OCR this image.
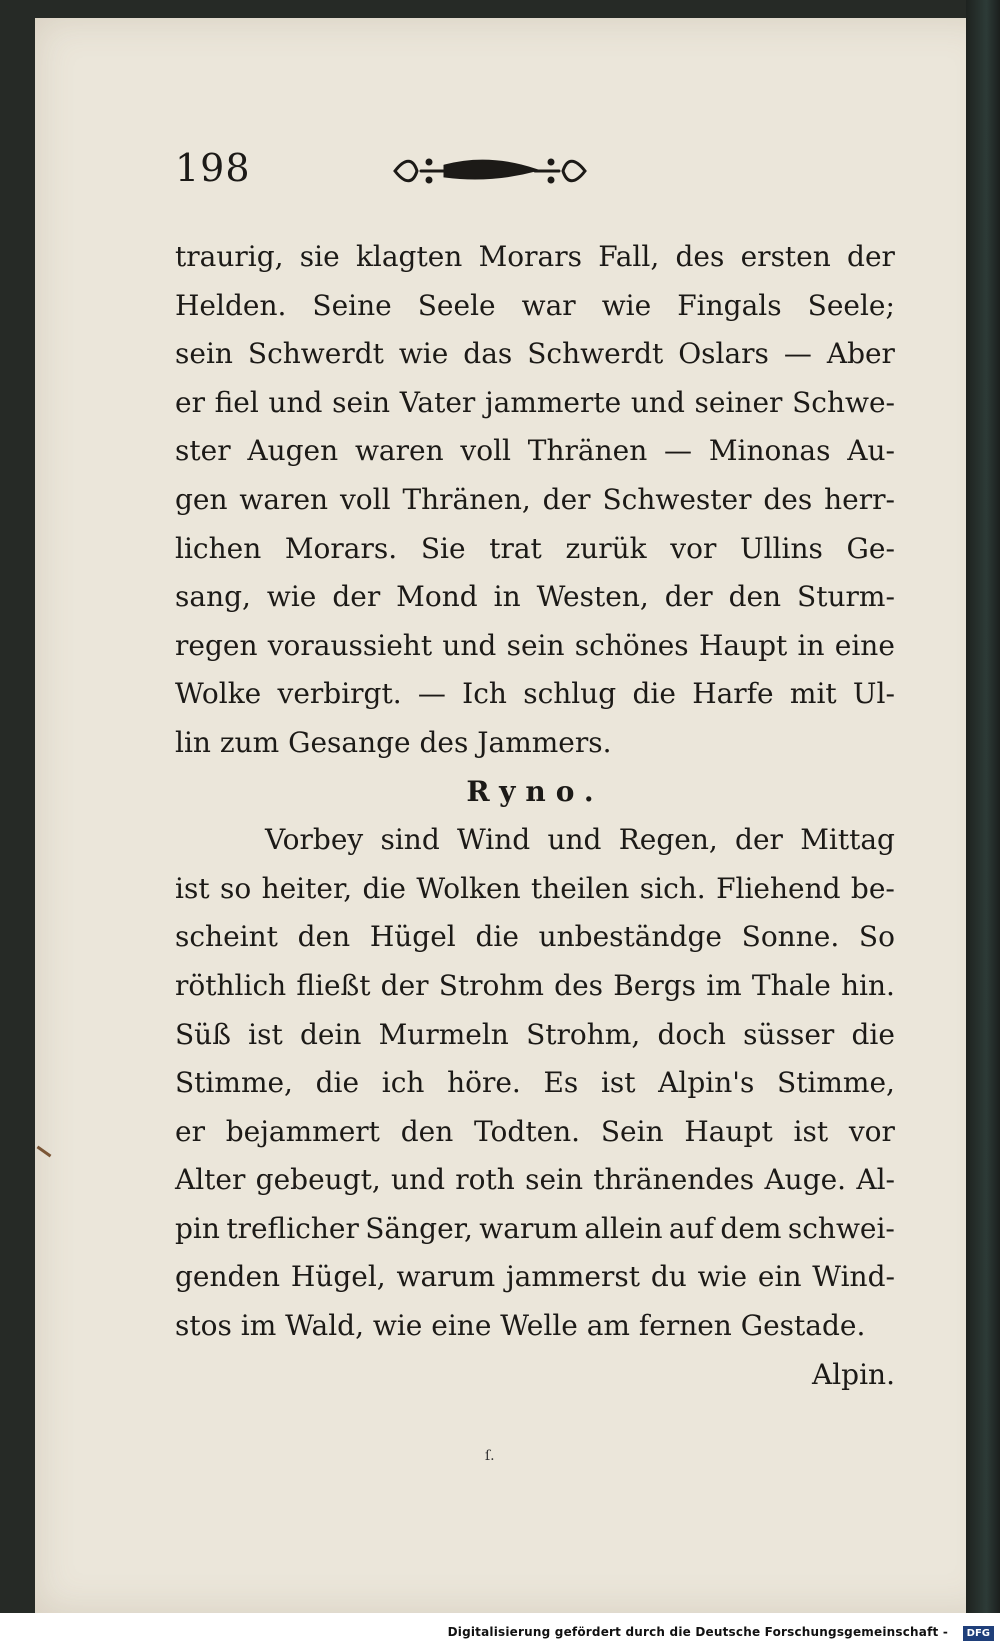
198
traurig, sie klagten Morars Fall, des ersten der
Helden. Seine Seele war wie Fingals Seele;
sein Schwerdt wie das Schwerdt Oslars — Aber
er fiel und sein Vater jammerte und seiner Schwe-
ster Augen waren voll Thränen — Minonas Au-
gen waren voll Thränen, der Schwester des herr-
lichen Morars. Sie trat zurük vor Ullins Ge-
sang, wie der Mond in Westen, der den Sturm-
regen voraussieht und sein schönes Haupt in eine
Wolke verbirgt. — Ich schlug die Harfe mit Ul-
lin zum Gesange des Jammers.
Ryno.
Vorbey sind Wind und Regen, der Mittag
ist so heiter, die Wolken theilen sich. Fliehend be-
scheint den Hügel die unbeständge Sonne. So
röthlich fließt der Strohm des Bergs im Thale hin.
Süß ist dein Murmeln Strohm, doch süsser die
Stimme, die ich höre. Es ist Alpin's Stimme,
er bejammert den Todten. Sein Haupt ist vor
Alter gebeugt, und roth sein thränendes Auge. Al-
pin treflicher Sänger, warum allein auf dem schwei-
genden Hügel, warum jammerst du wie ein Wind-
stos im Wald, wie eine Welle am fernen Gestade.
Alpin.
ſ.
Digitalisierung gefördert durch die Deutsche Forschungsgemeinschaft -	DFG
